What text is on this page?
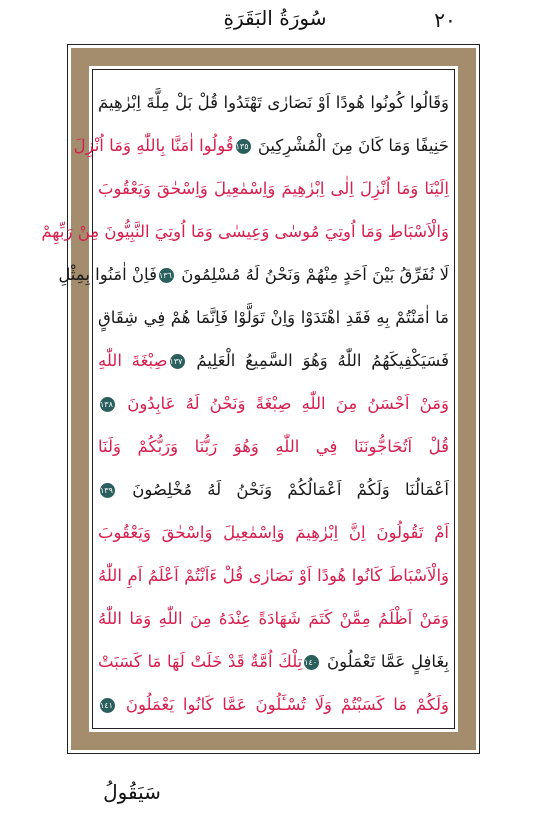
سُورَةُ البَقَرَةِ	٢٠
وَقَالُوا كُونُوا هُودًا اَوْ نَصَارٰى تَهْتَدُوا قُلْ بَلْ مِلَّةَ اِبْرٰهِيمَ
حَنِيفًا وَمَا كَانَ مِنَ الْمُشْرِكِينَ ١٣٥قُولُوا اٰمَنَّا بِاللّٰهِ وَمَا اُنْزِلَ
اِلَيْنَا وَمَا اُنْزِلَ اِلٰى اِبْرٰهِيمَ وَاِسْمٰعِيلَ وَاِسْحٰقَ وَيَعْقُوبَ
وَالْاَسْبَاطِ وَمَا اُوتِيَ مُوسٰى وَعِيسٰى وَمَا اُوتِيَ النَّبِيُّونَ مِنْ رَبِّهِمْ
لَا نُفَرِّقُ بَيْنَ اَحَدٍ مِنْهُمْ وَنَحْنُ لَهُ مُسْلِمُونَ ١٣٦فَاِنْ اٰمَنُوا بِمِثْلِ
مَا اٰمَنْتُمْ بِهِ فَقَدِ اهْتَدَوْا وَاِنْ تَوَلَّوْا فَاِنَّمَا هُمْ فِي شِقَاقٍ
فَسَيَكْفِيكَهُمُ اللّٰهُ وَهُوَ السَّمِيعُ الْعَلِيمُ ١٣٧صِبْغَةَ اللّٰهِ
وَمَنْ اَحْسَنُ مِنَ اللّٰهِ صِبْغَةً وَنَحْنُ لَهُ عَابِدُونَ ١٣٨
قُلْ اَتُحَاجُّونَنَا فِي اللّٰهِ وَهُوَ رَبُّنَا وَرَبُّكُمْ وَلَنَا
اَعْمَالُنَا وَلَكُمْ اَعْمَالُكُمْ وَنَحْنُ لَهُ مُخْلِصُونَ ١٣٩
اَمْ تَقُولُونَ اِنَّ اِبْرٰهِيمَ وَاِسْمٰعِيلَ وَاِسْحٰقَ وَيَعْقُوبَ
وَالْاَسْبَاطَ كَانُوا هُودًا اَوْ نَصَارٰى قُلْ ءَاَنْتُمْ اَعْلَمُ اَمِ اللّٰهُ
وَمَنْ اَظْلَمُ مِمَّنْ كَتَمَ شَهَادَةً عِنْدَهُ مِنَ اللّٰهِ وَمَا اللّٰهُ
بِغَافِلٍ عَمَّا تَعْمَلُونَ ١٤٠تِلْكَ اُمَّةٌ قَدْ خَلَتْ لَهَا مَا كَسَبَتْ
وَلَكُمْ مَا كَسَبْتُمْ وَلَا تُسْـَٔلُونَ عَمَّا كَانُوا يَعْمَلُونَ ١٤١
سَيَقُولُ
